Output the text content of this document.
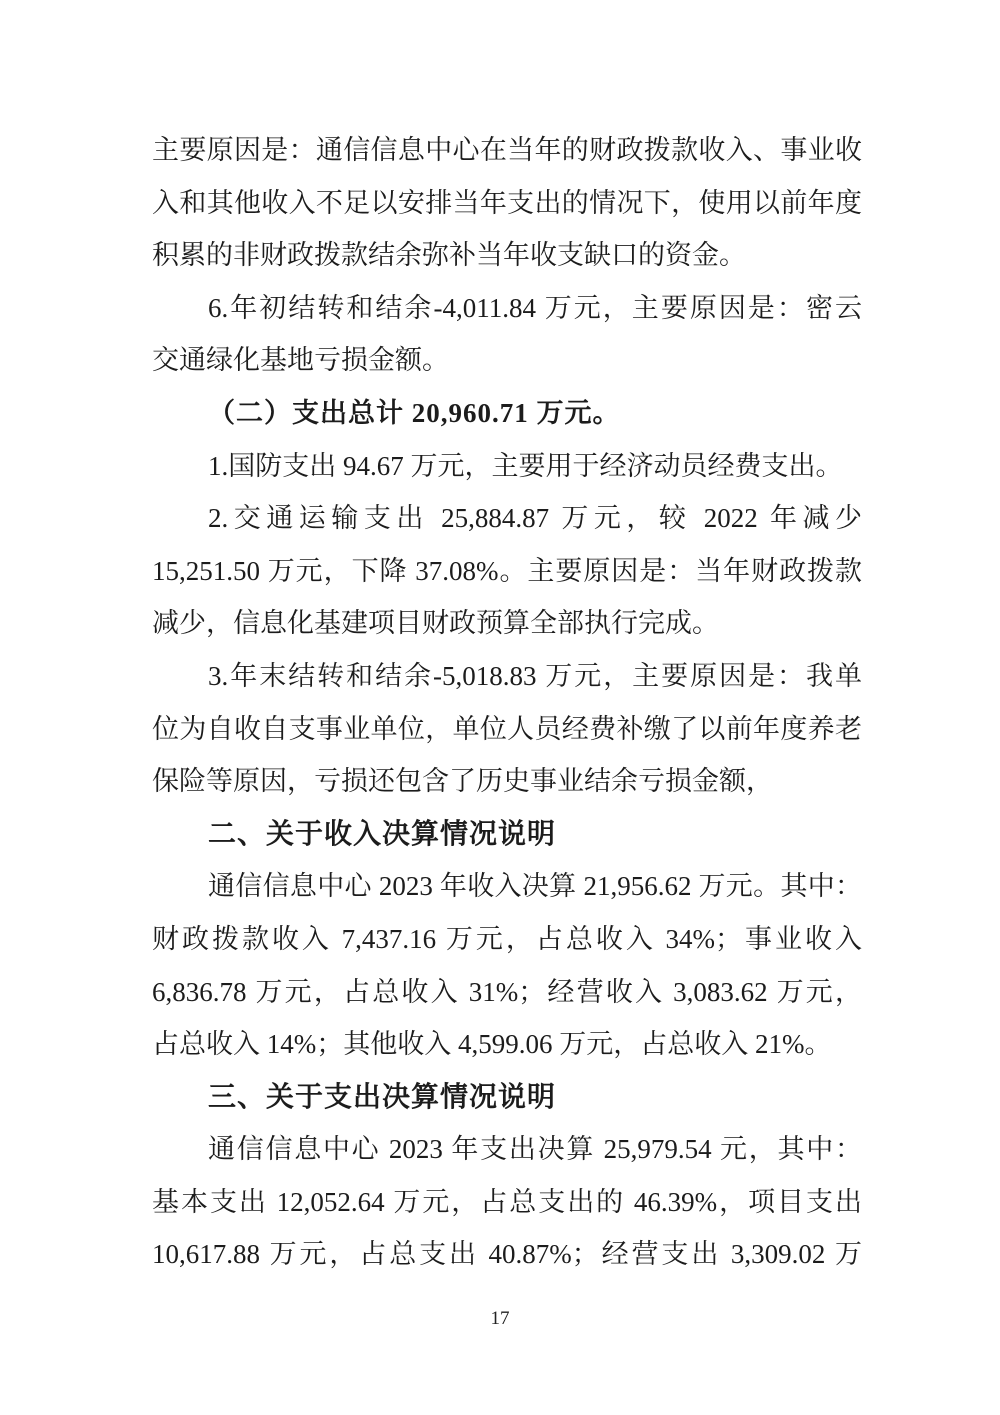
主要原因是：通信信息中心在当年的财政拨款收入、事业收
入和其他收入不足以安排当年支出的情况下，使用以前年度
积累的非财政拨款结余弥补当年收支缺口的资金。
6.年初结转和结余-4,011.84 万元，主要原因是：密云
交通绿化基地亏损金额。
（二）支出总计 20,960.71 万元。
1.国防支出 94.67 万元，主要用于经济动员经费支出。
2.交通运输支出 25,884.87 万元，较 2022 年减少
15,251.50 万元，下降 37.08%。主要原因是：当年财政拨款
减少，信息化基建项目财政预算全部执行完成。
3.年末结转和结余-5,018.83 万元，主要原因是：我单
位为自收自支事业单位，单位人员经费补缴了以前年度养老
保险等原因，亏损还包含了历史事业结余亏损金额，
二、关于收入决算情况说明
通信信息中心 2023 年收入决算 21,956.62 万元。其中：
财政拨款收入 7,437.16 万元，占总收入 34%；事业收入
6,836.78 万元，占总收入 31%；经营收入 3,083.62 万元，
占总收入 14%；其他收入 4,599.06 万元，占总收入 21%。
三、关于支出决算情况说明
通信信息中心 2023 年支出决算 25,979.54 元，其中：
基本支出 12,052.64 万元，占总支出的 46.39%，项目支出
10,617.88 万元，占总支出 40.87%；经营支出 3,309.02 万
17
